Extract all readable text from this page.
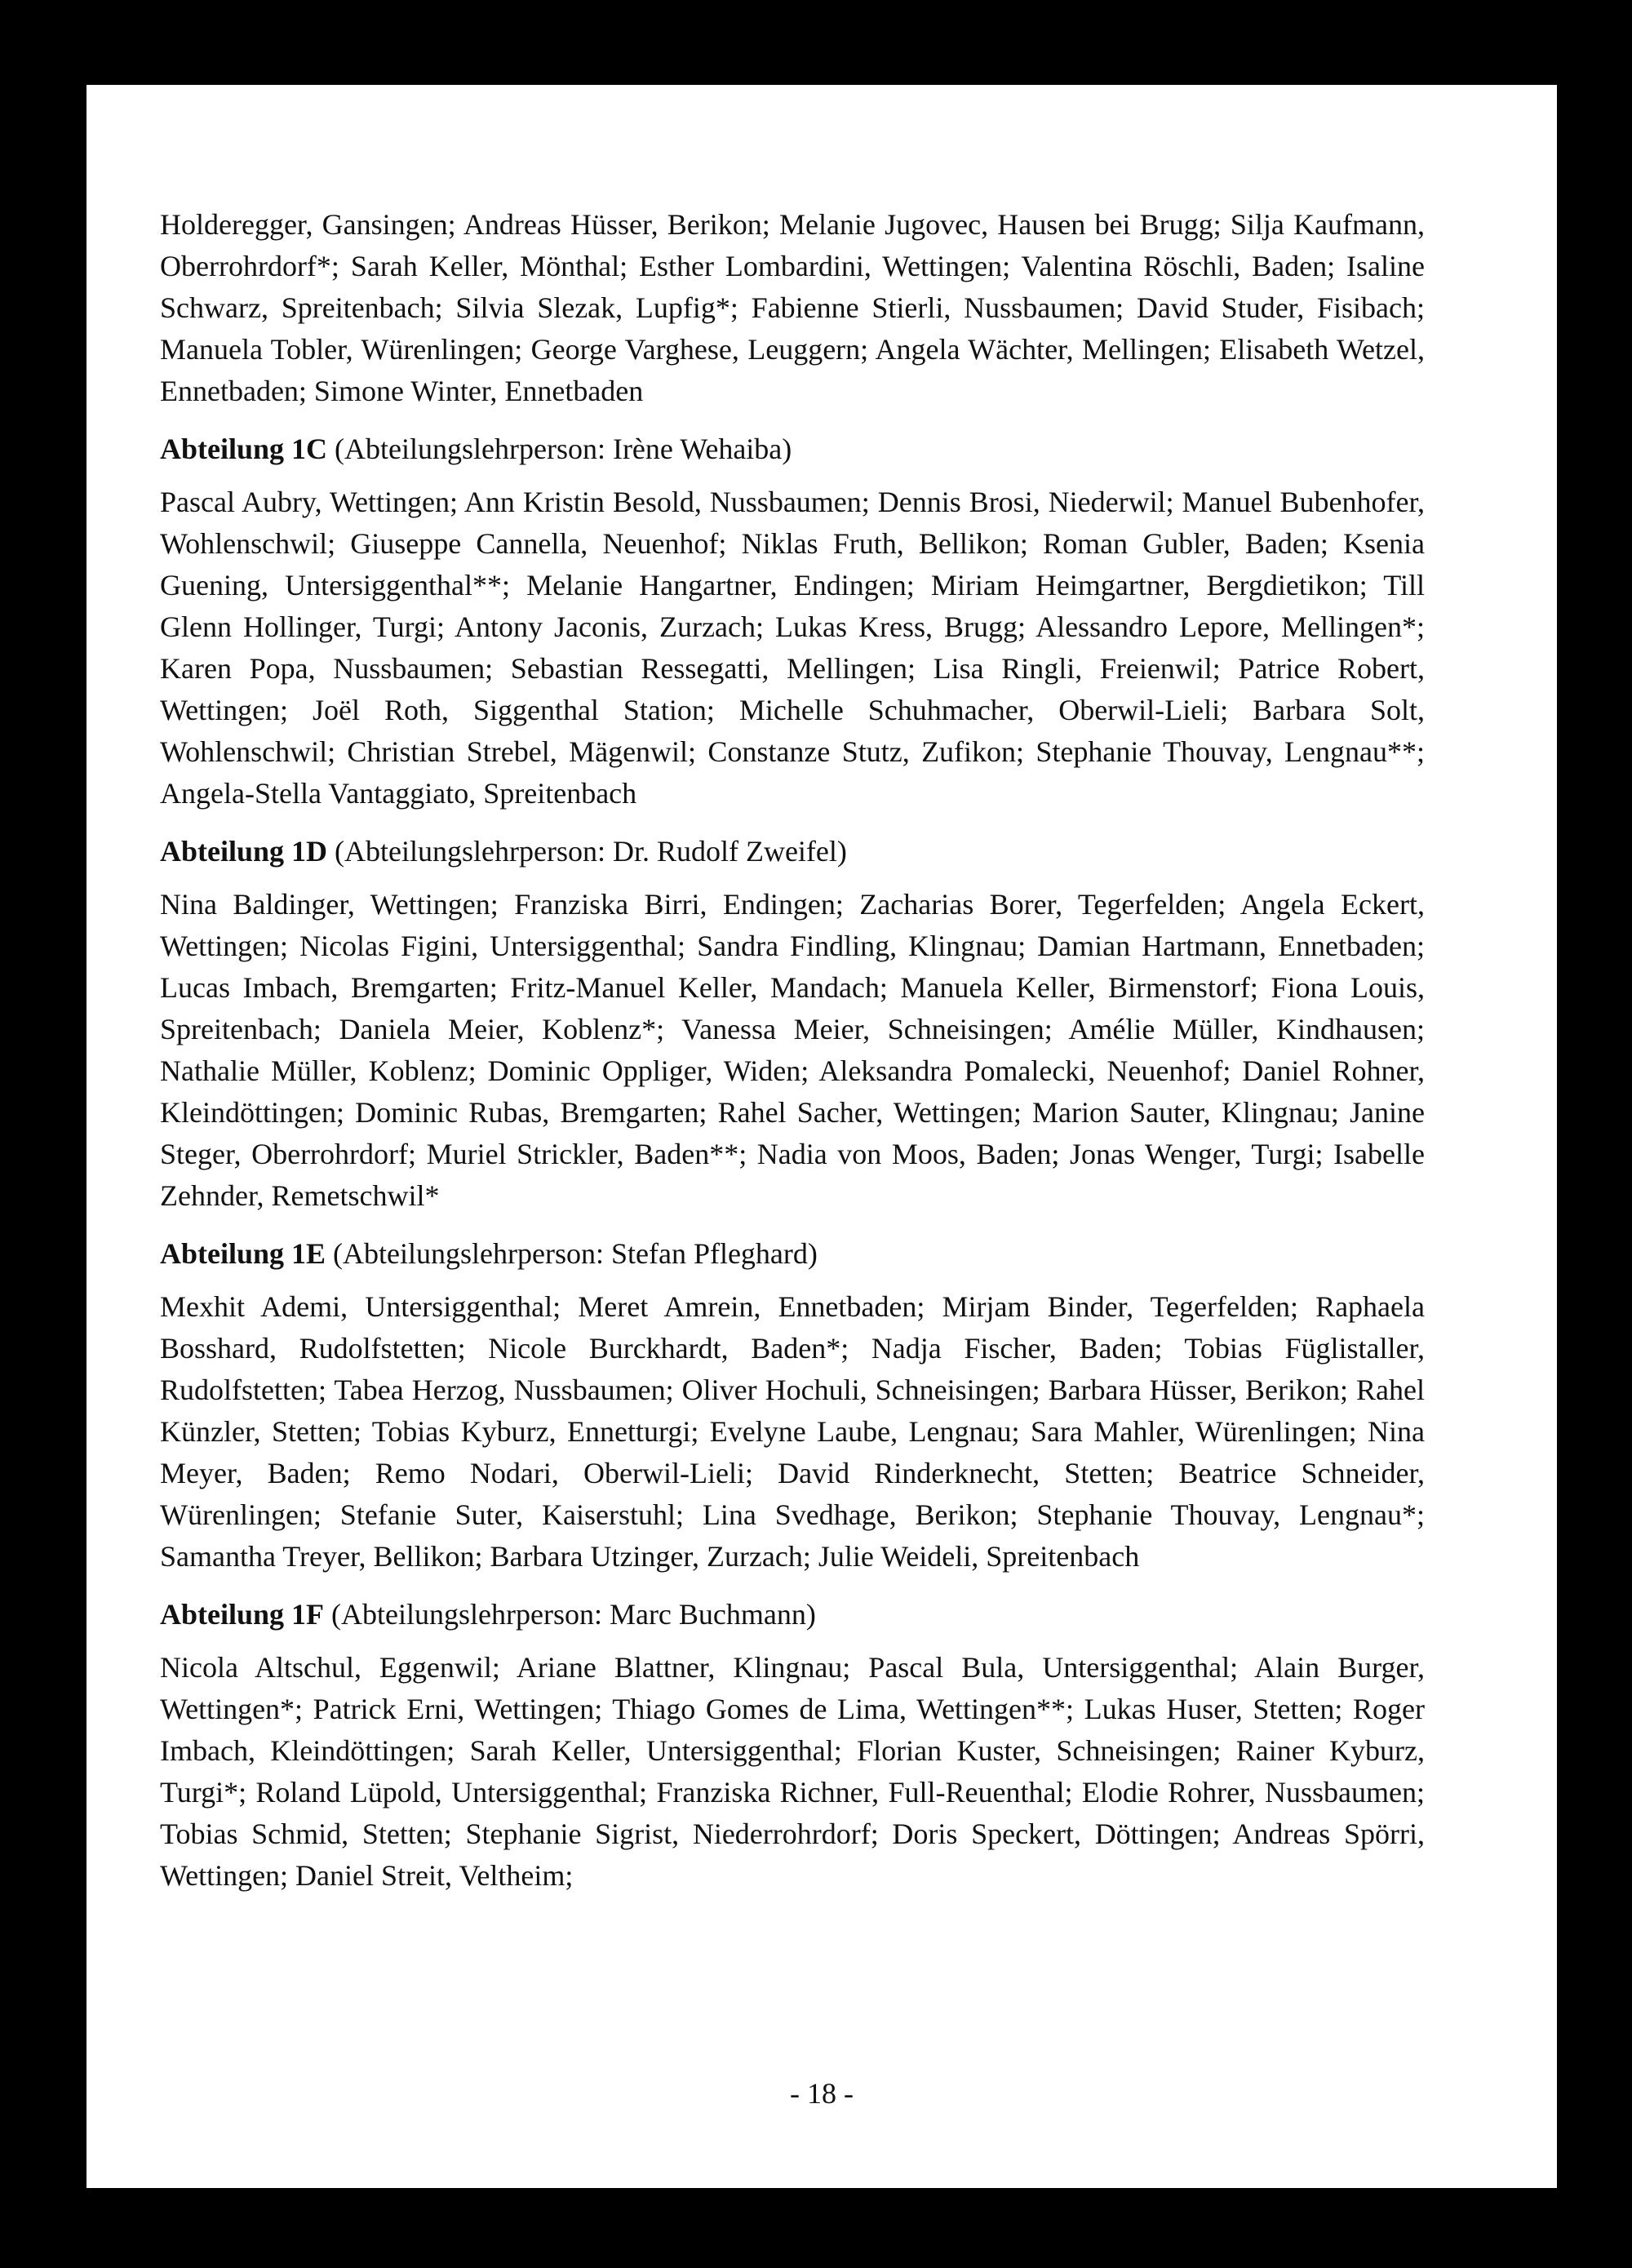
Holderegger, Gansingen; Andreas Hüsser, Berikon; Melanie Jugovec, Hausen bei Brugg; Silja Kaufmann, Oberrohrdorf*; Sarah Keller, Mönthal; Esther Lombardini, Wettingen; Valentina Röschli, Baden; Isaline Schwarz, Spreitenbach; Silvia Slezak, Lupfig*; Fabienne Stierli, Nussbaumen; David Studer, Fisibach; Manuela Tobler, Würenlingen; George Varghese, Leuggern; Angela Wächter, Mellingen; Elisabeth Wetzel, Ennetbaden; Simone Winter, Ennetbaden

Abteilung 1C (Abteilungslehrperson: Irène Wehaiba)

Pascal Aubry, Wettingen; Ann Kristin Besold, Nussbaumen; Dennis Brosi, Niederwil; Manuel Bubenhofer, Wohlenschwil; Giuseppe Cannella, Neuenhof; Niklas Fruth, Bellikon; Roman Gubler, Baden; Ksenia Guening, Untersiggenthal**; Melanie Hangartner, Endingen; Miriam Heimgartner, Bergdietikon; Till Glenn Hollinger, Turgi; Antony Jaconis, Zurzach; Lukas Kress, Brugg; Alessandro Lepore, Mellingen*; Karen Popa, Nussbaumen; Sebastian Ressegatti, Mellingen; Lisa Ringli, Freienwil; Patrice Robert, Wettingen; Joël Roth, Siggenthal Station; Michelle Schuhmacher, Oberwil-Lieli; Barbara Solt, Wohlenschwil; Christian Strebel, Mägenwil; Constanze Stutz, Zufikon; Stephanie Thouvay, Lengnau**; Angela-Stella Vantaggiato, Spreitenbach

Abteilung 1D (Abteilungslehrperson: Dr. Rudolf Zweifel)

Nina Baldinger, Wettingen; Franziska Birri, Endingen; Zacharias Borer, Tegerfelden; Angela Eckert, Wettingen; Nicolas Figini, Untersiggenthal; Sandra Findling, Klingnau; Damian Hartmann, Ennetbaden; Lucas Imbach, Bremgarten; Fritz-Manuel Keller, Mandach; Manuela Keller, Birmenstorf; Fiona Louis, Spreitenbach; Daniela Meier, Koblenz*; Vanessa Meier, Schneisingen; Amélie Müller, Kindhausen; Nathalie Müller, Koblenz; Dominic Oppliger, Widen; Aleksandra Pomalecki, Neuenhof; Daniel Rohner, Kleindöttingen; Dominic Rubas, Bremgarten; Rahel Sacher, Wettingen; Marion Sauter, Klingnau; Janine Steger, Oberrohrdorf; Muriel Strickler, Baden**; Nadia von Moos, Baden; Jonas Wenger, Turgi; Isabelle Zehnder, Remetschwil*

Abteilung 1E (Abteilungslehrperson: Stefan Pfleghard)

Mexhit Ademi, Untersiggenthal; Meret Amrein, Ennetbaden; Mirjam Binder, Tegerfelden; Raphaela Bosshard, Rudolfstetten; Nicole Burckhardt, Baden*; Nadja Fischer, Baden; Tobias Füglistaller, Rudolfstetten; Tabea Herzog, Nussbaumen; Oliver Hochuli, Schneisingen; Barbara Hüsser, Berikon; Rahel Künzler, Stetten; Tobias Kyburz, Ennetturgi; Evelyne Laube, Lengnau; Sara Mahler, Würenlingen; Nina Meyer, Baden; Remo Nodari, Oberwil-Lieli; David Rinderknecht, Stetten; Beatrice Schneider, Würenlingen; Stefanie Suter, Kaiserstuhl; Lina Svedhage, Berikon; Stephanie Thouvay, Lengnau*; Samantha Treyer, Bellikon; Barbara Utzinger, Zurzach; Julie Weideli, Spreitenbach

Abteilung 1F (Abteilungslehrperson: Marc Buchmann)

Nicola Altschul, Eggenwil; Ariane Blattner, Klingnau; Pascal Bula, Untersiggenthal; Alain Burger, Wettingen*; Patrick Erni, Wettingen; Thiago Gomes de Lima, Wettingen**; Lukas Huser, Stetten; Roger Imbach, Kleindöttingen; Sarah Keller, Untersiggenthal; Florian Kuster, Schneisingen; Rainer Kyburz, Turgi*; Roland Lüpold, Untersiggenthal; Franziska Richner, Full-Reuenthal; Elodie Rohrer, Nussbaumen; Tobias Schmid, Stetten; Stephanie Sigrist, Niederrohrdorf; Doris Speckert, Döttingen; Andreas Spörri, Wettingen; Daniel Streit, Veltheim;

- 18 -
